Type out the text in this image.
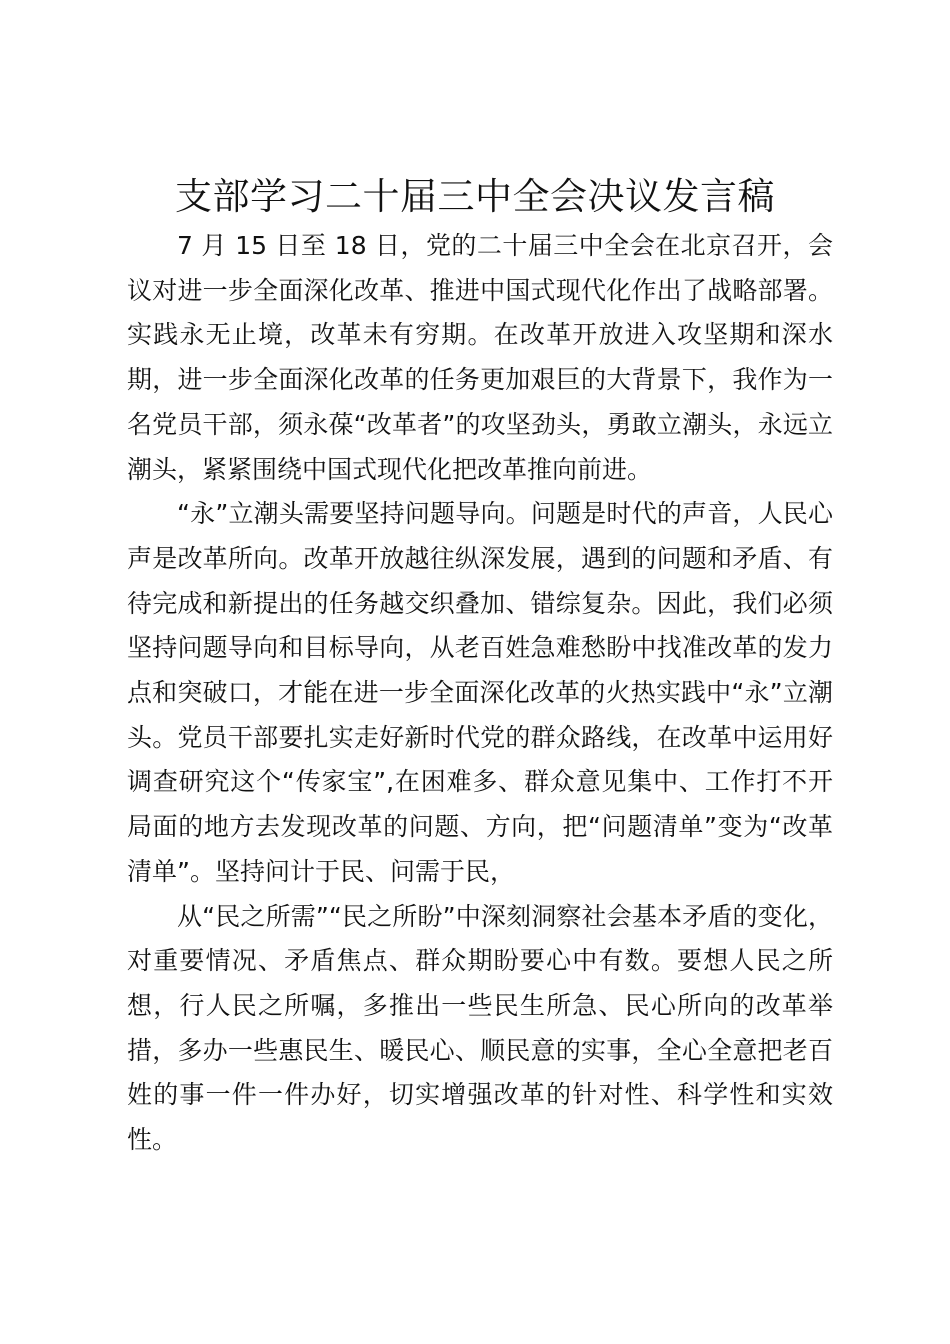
支部学习二十届三中全会决议发言稿

7 月 15 日至 18 日，党的二十届三中全会在北京召开，会议对进一步全面深化改革、推进中国式现代化作出了战略部署。实践永无止境，改革未有穷期。在改革开放进入攻坚期和深水期，进一步全面深化改革的任务更加艰巨的大背景下，我作为一名党员干部，须永葆“改革者”的攻坚劲头，勇敢立潮头，永远立潮头，紧紧围绕中国式现代化把改革推向前进。

“永”立潮头需要坚持问题导向。问题是时代的声音，人民心声是改革所向。改革开放越往纵深发展，遇到的问题和矛盾、有待完成和新提出的任务越交织叠加、错综复杂。因此，我们必须坚持问题导向和目标导向，从老百姓急难愁盼中找准改革的发力点和突破口，才能在进一步全面深化改革的火热实践中“永”立潮头。党员干部要扎实走好新时代党的群众路线，在改革中运用好调查研究这个“传家宝”,在困难多、群众意见集中、工作打不开局面的地方去发现改革的问题、方向，把“问题清单”变为“改革清单”。坚持问计于民、问需于民，

从“民之所需”“民之所盼”中深刻洞察社会基本矛盾的变化，对重要情况、矛盾焦点、群众期盼要心中有数。要想人民之所想，行人民之所嘱，多推出一些民生所急、民心所向的改革举措，多办一些惠民生、暖民心、顺民意的实事，全心全意把老百姓的事一件一件办好，切实增强改革的针对性、科学性和实效性。
